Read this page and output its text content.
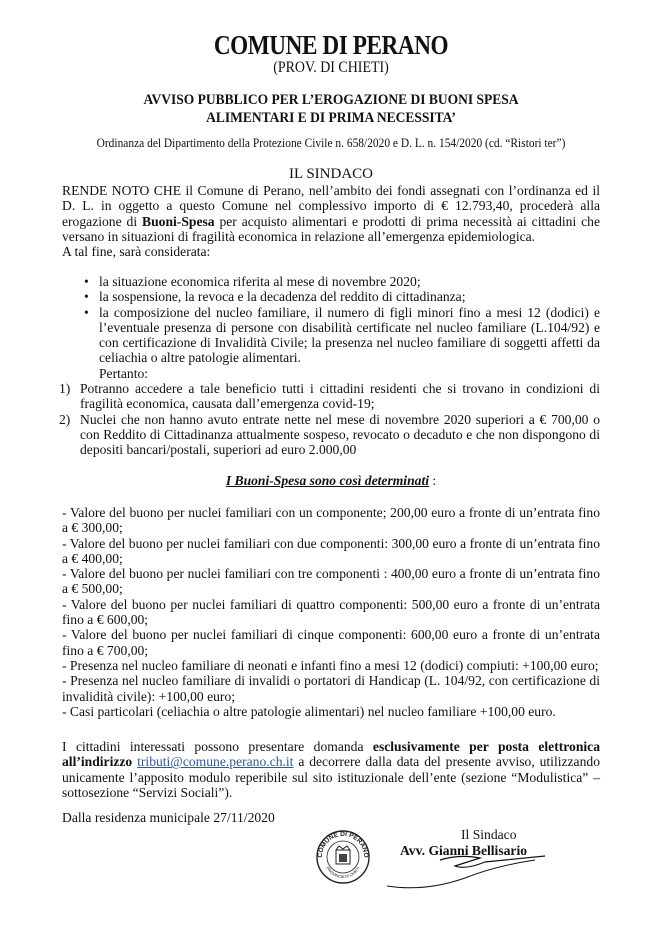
COMUNE DI PERANO
(PROV. DI CHIETI)
AVVISO PUBBLICO PER L’EROGAZIONE DI BUONI SPESA
ALIMENTARI E DI PRIMA NECESSITA’
Ordinanza del Dipartimento della Protezione Civile n. 658/2020 e D. L. n. 154/2020 (cd. “Ristori ter”)
IL SINDACO

RENDE NOTO CHE il Comune di Perano, nell’ambito dei fondi assegnati con l’ordinanza ed il D. L. in oggetto a questo Comune nel complessivo importo di € 12.793,40, procederà alla erogazione di Buoni-Spesa per acquisto alimentari e prodotti di prima necessità ai cittadini che versano in situazioni di fragilità economica in relazione all’emergenza epidemiologica.

A tal fine, sarà considerata:

• la situazione economica riferita al mese di novembre 2020;
• la sospensione, la revoca e la decadenza del reddito di cittadinanza;
• la composizione del nucleo familiare, il numero di figli minori fino a mesi 12 (dodici) e l’eventuale presenza di persone con disabilità certificate nel nucleo familiare (L.104/92) e con certificazione di Invalidità Civile; la presenza nel nucleo familiare di soggetti affetti da celiachia o altre patologie alimentari.
Pertanto:
1) Potranno accedere a tale beneficio tutti i cittadini residenti che si trovano in condizioni di fragilità economica, causata dall’emergenza covid-19;
2) Nuclei che non hanno avuto entrate nette nel mese di novembre 2020 superiori a € 700,00 o con Reddito di Cittadinanza attualmente sospeso, revocato o decaduto e che non dispongono di depositi bancari/postali, superiori ad euro 2.000,00
I Buoni-Spesa sono così determinati :
- Valore del buono per nuclei familiari con un componente; 200,00 euro a fronte di un’entrata fino a € 300,00;
- Valore del buono per nuclei familiari con due componenti: 300,00 euro a fronte di un’entrata fino a € 400,00;
- Valore del buono per nuclei familiari con tre componenti : 400,00 euro a fronte di un’entrata fino a € 500,00;
- Valore del buono per nuclei familiari di quattro componenti: 500,00 euro a fronte di un’entrata fino a € 600,00;
- Valore del buono per nuclei familiari di cinque componenti: 600,00 euro a fronte di un’entrata fino a € 700,00;
- Presenza nel nucleo familiare di neonati e infanti fino a mesi 12 (dodici) compiuti: +100,00 euro;
- Presenza nel nucleo familiare di invalidi o portatori di Handicap (L. 104/92, con certificazione di invalidità civile): +100,00 euro;
- Casi particolari (celiachia o altre patologie alimentari) nel nucleo familiare +100,00 euro.
I cittadini interessati possono presentare domanda esclusivamente per posta elettronica all’indirizzo tributi@comune.perano.ch.it a decorrere dalla data del presente avviso, utilizzando unicamente l’apposito modulo reperibile sul sito istituzionale dell’ente (sezione “Modulistica” – sottosezione “Servizi Sociali”).
Dalla residenza municipale 27/11/2020
COMUNE DI PERANO
PROVINCIA DI CHIETI
Il Sindaco
Avv. Gianni Bellisario
